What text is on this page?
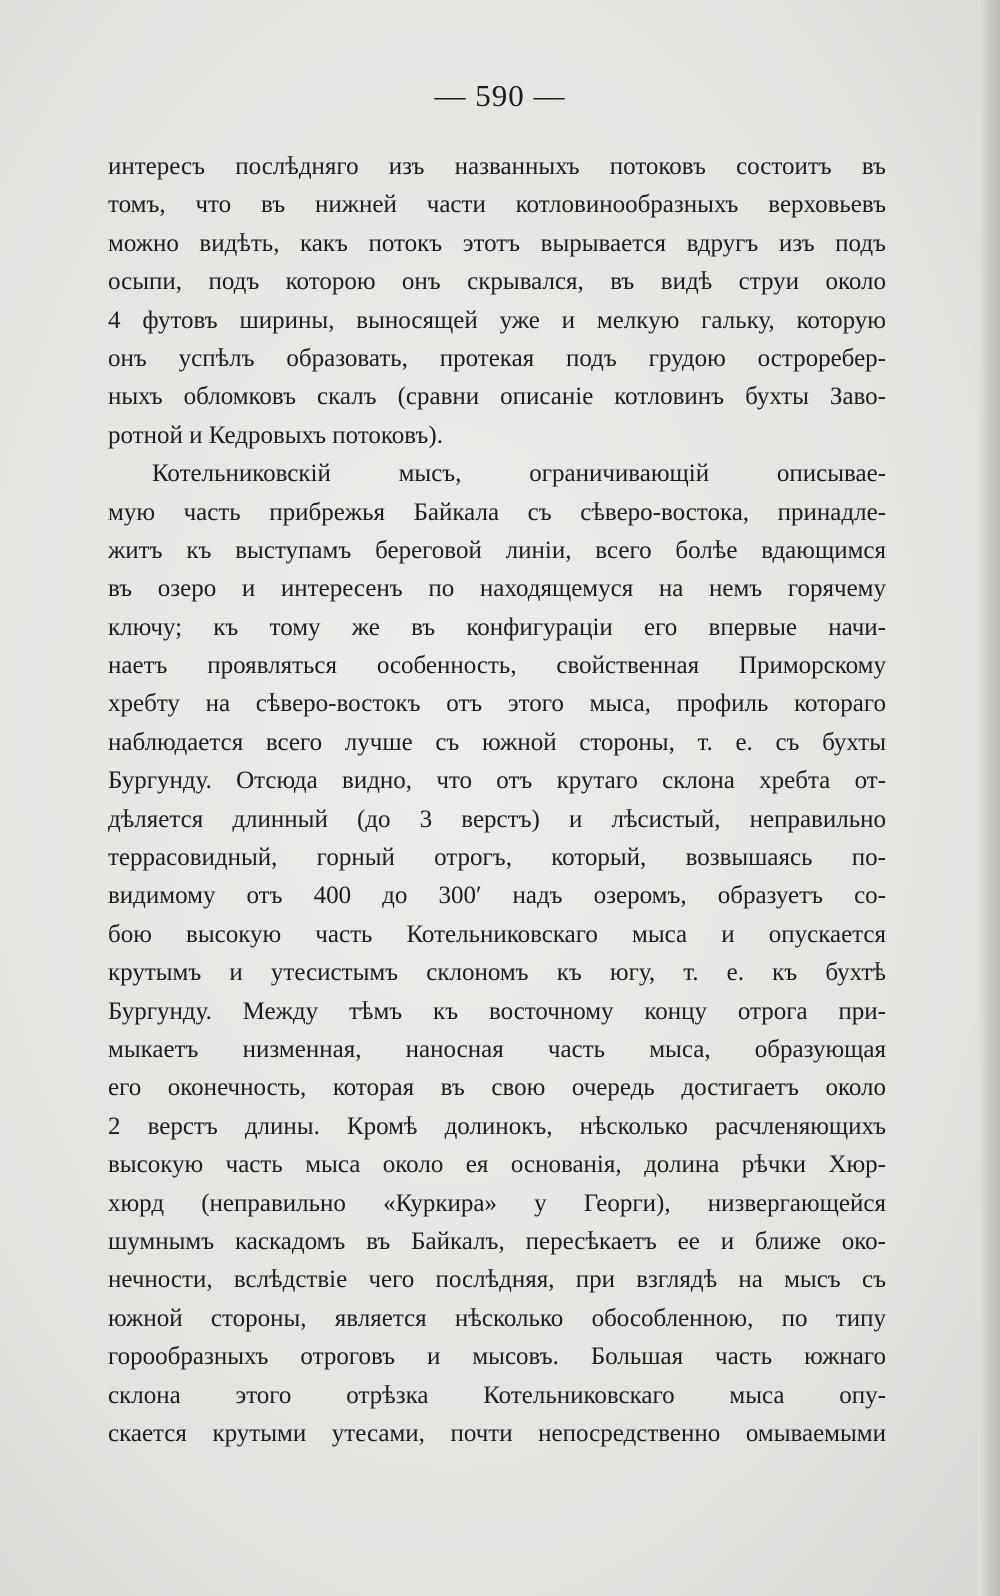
— 590 —
интересъ послѣдняго изъ названныхъ потоковъ состоитъ въ
томъ, что въ нижней части котловинообразныхъ верховьевъ
можно видѣть, какъ потокъ этотъ вырывается вдругъ изъ подъ
осыпи, подъ которою онъ скрывался, въ видѣ струи около
4 футовъ ширины, выносящей уже и мелкую гальку, которую
онъ успѣлъ образовать, протекая подъ грудою остроребер-
ныхъ обломковъ скалъ (сравни описаніе котловинъ бухты Заво-
ротной и Кедровыхъ потоковъ).
Котельниковскій мысъ, ограничивающій описывае-
мую часть прибрежья Байкала съ сѣверо-востока, принадле-
житъ къ выступамъ береговой линіи, всего болѣе вдающимся
въ озеро и интересенъ по находящемуся на немъ горячему
ключу; къ тому же въ конфигураціи его впервые начи-
наетъ проявляться особенность, свойственная Приморскому
хребту на сѣверо-востокъ отъ этого мыса, профиль котораго
наблюдается всего лучше съ южной стороны, т. е. съ бухты
Бургунду. Отсюда видно, что отъ крутаго склона хребта от-
дѣляется длинный (до 3 верстъ) и лѣсистый, неправильно
террасовидный, горный отрогъ, который, возвышаясь по-
видимому отъ 400 до 300′ надъ озеромъ, образуетъ со-
бою высокую часть Котельниковскаго мыса и опускается
крутымъ и утесистымъ склономъ къ югу, т. е. къ бухтѣ
Бургунду. Между тѣмъ къ восточному концу отрога при-
мыкаетъ низменная, наносная часть мыса, образующая
его оконечность, которая въ свою очередь достигаетъ около
2 верстъ длины. Кромѣ долинокъ, нѣсколько расчленяющихъ
высокую часть мыса около ея основанія, долина рѣчки Хюр-
хюрд (неправильно «Куркира» у Георги), низвергающейся
шумнымъ каскадомъ въ Байкалъ, пересѣкаетъ ее и ближе око-
нечности, вслѣдствіе чего послѣдняя, при взглядѣ на мысъ съ
южной стороны, является нѣсколько обособленною, по типу
горообразныхъ отроговъ и мысовъ. Большая часть южнаго
склона этого отрѣзка Котельниковскаго мыса опу-
скается крутыми утесами, почти непосредственно омываемыми
